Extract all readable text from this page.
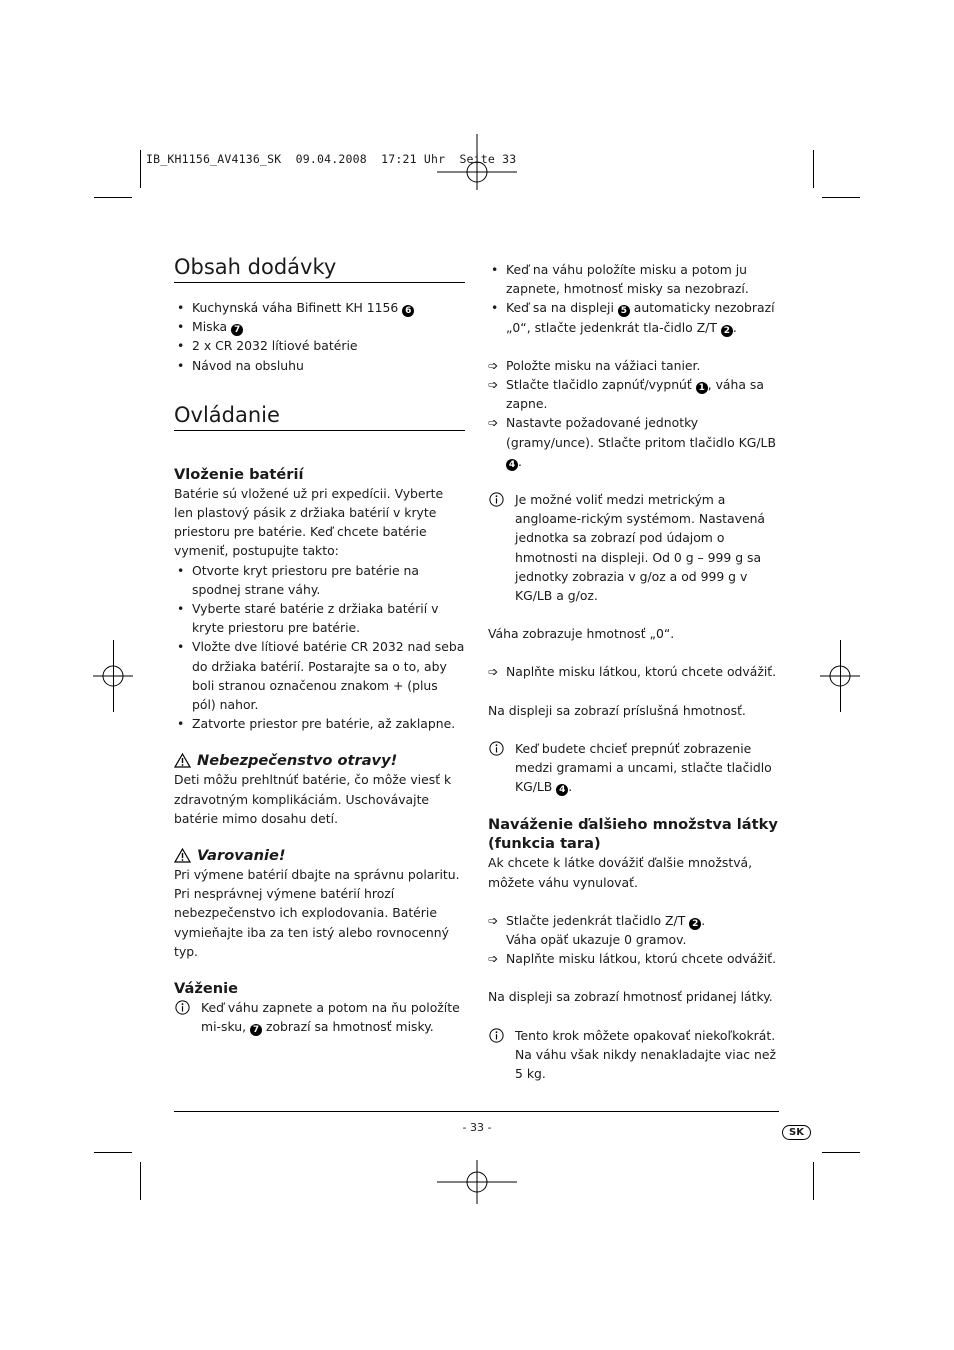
IB_KH1156_AV4136_SK  09.04.2008  17:21 Uhr  Seite 33
Obsah dodávky
• Kuchynská váha Bifinett KH 1156 6
• Miska 7
• 2 x CR 2032 lítiové batérie
• Návod na obsluhu
Ovládanie
Vloženie batérií

Batérie sú vložené už pri expedícii. Vyberte len plastový pásik z držiaka batérií v kryte priestoru pre batérie. Keď chcete batérie vymeniť, postupujte takto:

• Otvorte kryt priestoru pre batérie na spodnej strane váhy.
• Vyberte staré batérie z držiaka batérií v kryte priestoru pre batérie.
• Vložte dve lítiové batérie CR 2032 nad seba do držiaka batérií. Postarajte sa o to, aby boli stranou označenou znakom + (plus pól) nahor.
• Zatvorte priestor pre batérie, až zaklapne.
Nebezpečenstvo otravy!

Deti môžu prehltnúť batérie, čo môže viesť k zdravotným komplikáciám. Uschovávajte batérie mimo dosahu detí.

Varovanie!

Pri výmene batérií dbajte na správnu polaritu. Pri nesprávnej výmene batérií hrozí nebezpečenstvo ich explodovania. Batérie vymieňajte iba za ten istý alebo rovnocenný typ.

Váženie
Keď váhu zapnete a potom na ňu položíte mi-sku, 7 zobrazí sa hmotnosť misky.
• Keď na váhu položíte misku a potom ju zapnete, hmotnosť misky sa nezobrazí.
• Keď sa na displeji 5 automaticky nezobrazí „0“, stlačte jedenkrát tla-čidlo Z/T 2 .
➩ Položte misku na vážiaci tanier.
➩ Stlačte tlačidlo zapnúť/vypnúť 1 , váha sa zapne.
➩ Nastavte požadované jednotky (gramy/unce). Stlačte pritom tlačidlo KG/LB 4 .
Je možné voliť medzi metrickým a angloame-rickým systémom. Nastavená jednotka sa zobrazí pod údajom o hmotnosti na displeji. Od 0 g – 999 g sa jednotky zobrazia v g/oz a od 999 g v KG/LB a g/oz.

Váha zobrazuje hmotnosť „0“.

➩ Naplňte misku látkou, ktorú chcete odvážiť.

Na displeji sa zobrazí príslušná hmotnosť.

Keď budete chcieť prepnúť zobrazenie medzi gramami a uncami, stlačte tlačidlo KG/LB 4 .
Naváženie ďalšieho množstva látky (funkcia tara)

Ak chcete k látke dovážiť ďalšie množstvá, môžete váhu vynulovať.

➩ Stlačte jedenkrát tlačidlo Z/T 2 .
Váha opäť ukazuje 0 gramov.
➩ Naplňte misku látkou, ktorú chcete odvážiť.

Na displeji sa zobrazí hmotnosť pridanej látky.

Tento krok môžete opakovať niekoľkokrát. Na váhu však nikdy nenakladajte viac než 5 kg.
- 33 -	SK
